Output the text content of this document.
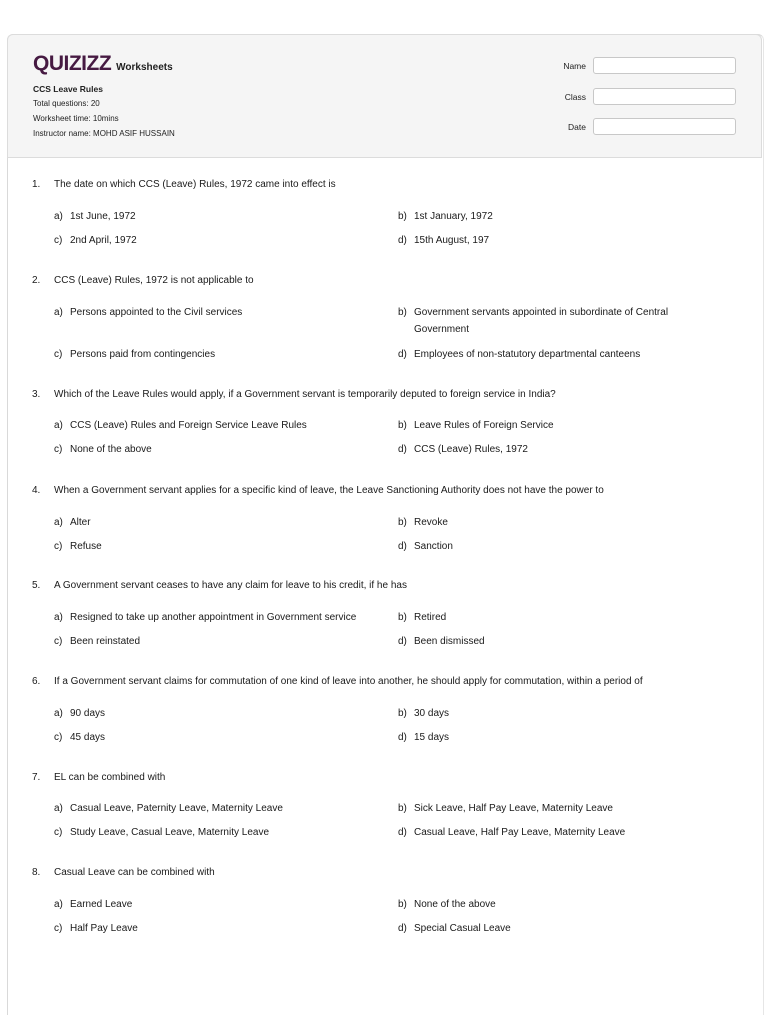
QUIZIZZ Worksheets
CCS Leave Rules
Total questions: 20
Worksheet time: 10mins
Instructor name: MOHD ASIF HUSSAIN
Name
Class
Date
1.	The date on which CCS (Leave) Rules, 1972 came into effect is
a) 1st June, 1972	b) 1st January, 1972
c) 2nd April, 1972	d) 15th August, 197
2.	CCS (Leave) Rules, 1972 is not applicable to
a) Persons appointed to the Civil services	b) Government servants appointed in subordinate of Central Government
c) Persons paid from contingencies	d) Employees of non-statutory departmental canteens
3.	Which of the Leave Rules would apply, if a Government servant is temporarily deputed to foreign service in India?
a) CCS (Leave) Rules and Foreign Service Leave Rules	b) Leave Rules of Foreign Service
c) None of the above	d) CCS (Leave) Rules, 1972
4.	When a Government servant applies for a specific kind of leave, the Leave Sanctioning Authority does not have the power to
a) Alter	b) Revoke
c) Refuse	d) Sanction
5.	A Government servant ceases to have any claim for leave to his credit, if he has
a) Resigned to take up another appointment in Government service	b) Retired
c) Been reinstated	d) Been dismissed
6.	If a Government servant claims for commutation of one kind of leave into another, he should apply for commutation, within a period of
a) 90 days	b) 30 days
c) 45 days	d) 15 days
7.	EL can be combined with
a) Casual Leave, Paternity Leave, Maternity Leave	b) Sick Leave, Half Pay Leave, Maternity Leave
c) Study Leave, Casual Leave, Maternity Leave	d) Casual Leave, Half Pay Leave, Maternity Leave
8.	Casual Leave can be combined with
a) Earned Leave	b) None of the above
c) Half Pay Leave	d) Special Casual Leave
